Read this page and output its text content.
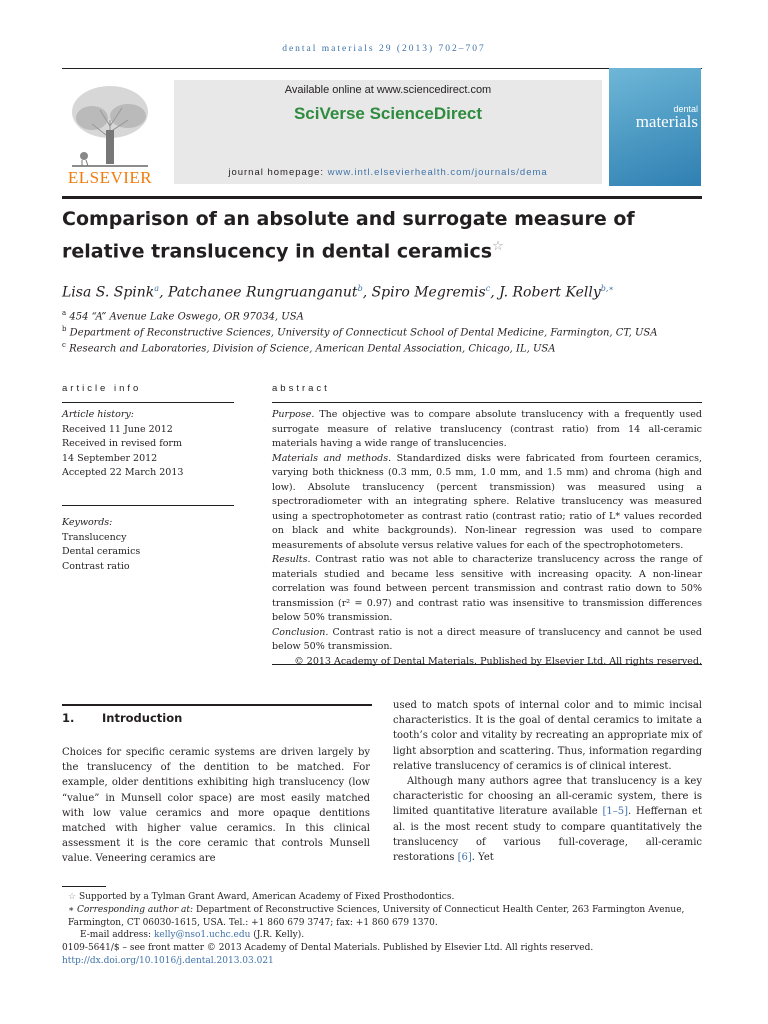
dental materials 29 (2013) 702–707
ELSEVIER
Available online at www.sciencedirect.com
SciVerse ScienceDirect
journal homepage: www.intl.elsevierhealth.com/journals/dema
dental
materials
Comparison of an absolute and surrogate measure of relative translucency in dental ceramics☆
Lisa S. Spink$^a$, Patchanee Rungruanganut$^b$, Spiro Megremis$^c$, J. Robert Kelly$^{b,∗}$
$^a$ 454 “A” Avenue Lake Oswego, OR 97034, USA
$^b$ Department of Reconstructive Sciences, University of Connecticut School of Dental Medicine, Farmington, CT, USA
$^c$ Research and Laboratories, Division of Science, American Dental Association, Chicago, IL, USA
article info
Article history:
Received 11 June 2012
Received in revised form
14 September 2012
Accepted 22 March 2013
Keywords:
Translucency
Dental ceramics
Contrast ratio
abstract
Purpose. The objective was to compare absolute translucency with a frequently used surrogate measure of relative translucency (contrast ratio) from 14 all-ceramic materials having a wide range of translucencies.
Materials and methods. Standardized disks were fabricated from fourteen ceramics, varying both thickness (0.3 mm, 0.5 mm, 1.0 mm, and 1.5 mm) and chroma (high and low). Absolute translucency (percent transmission) was measured using a spectroradiometer with an integrating sphere. Relative translucency was measured using a spectrophotometer as contrast ratio (contrast ratio; ratio of L* values recorded on black and white backgrounds). Non-linear regression was used to compare measurements of absolute versus relative values for each of the spectrophotometers.
Results. Contrast ratio was not able to characterize translucency across the range of materials studied and became less sensitive with increasing opacity. A non-linear correlation was found between percent transmission and contrast ratio down to 50% transmission (r² = 0.97) and contrast ratio was insensitive to transmission differences below 50% transmission.
Conclusion. Contrast ratio is not a direct measure of translucency and cannot be used below 50% transmission.
© 2013 Academy of Dental Materials. Published by Elsevier Ltd. All rights reserved.
1. Introduction
Choices for specific ceramic systems are driven largely by the translucency of the dentition to be matched. For example, older dentitions exhibiting high translucency (low “value” in Munsell color space) are most easily matched with low value ceramics and more opaque dentitions matched with higher value ceramics. In this clinical assessment it is the core ceramic that controls Munsell value. Veneering ceramics are
used to match spots of internal color and to mimic incisal characteristics. It is the goal of dental ceramics to imitate a tooth’s color and vitality by recreating an appropriate mix of light absorption and scattering. Thus, information regarding relative translucency of ceramics is of clinical interest.
Although many authors agree that translucency is a key characteristic for choosing an all-ceramic system, there is limited quantitative literature available [1–5]. Heffernan et al. is the most recent study to compare quantitatively the translucency of various full-coverage, all-ceramic restorations [6]. Yet
☆ Supported by a Tylman Grant Award, American Academy of Fixed Prosthodontics.
∗ Corresponding author at: Department of Reconstructive Sciences, University of Connecticut Health Center, 263 Farmington Avenue, Farmington, CT 06030-1615, USA. Tel.: +1 860 679 3747; fax: +1 860 679 1370.
E-mail address: kelly@nso1.uchc.edu (J.R. Kelly).
0109-5641/$ – see front matter © 2013 Academy of Dental Materials. Published by Elsevier Ltd. All rights reserved.
http://dx.doi.org/10.1016/j.dental.2013.03.021
